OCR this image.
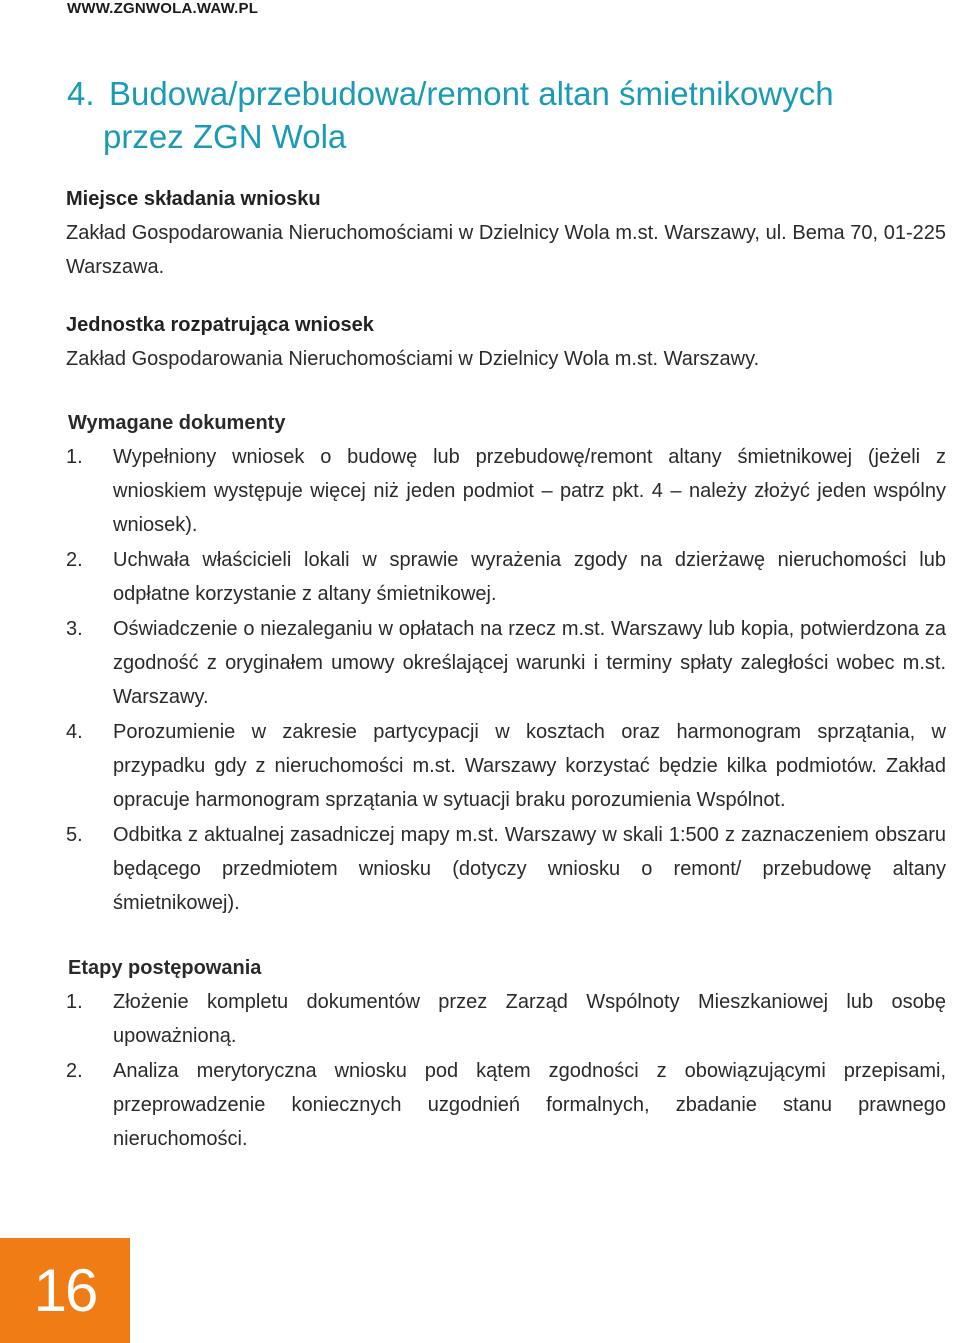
WWW.ZGNWOLA.WAW.PL
4. Budowa/przebudowa/remont altan śmietnikowych
przez ZGN Wola

Miejsce składania wniosku

Zakład Gospodarowania Nieruchomościami w Dzielnicy Wola m.st. Warszawy, ul. Bema 70, 01-225 Warszawa.

Jednostka rozpatrująca wniosek

Zakład Gospodarowania Nieruchomościami w Dzielnicy Wola m.st. Warszawy.

Wymagane dokumenty

1. Wypełniony wniosek o budowę lub przebudowę/remont altany śmietnikowej (jeżeli z wnioskiem występuje więcej niż jeden podmiot – patrz pkt. 4 – należy złożyć jeden wspólny wniosek).
2. Uchwała właścicieli lokali w sprawie wyrażenia zgody na dzierżawę nieruchomości lub odpłatne korzystanie z altany śmietnikowej.
3. Oświadczenie o niezaleganiu w opłatach na rzecz m.st. Warszawy lub kopia, potwierdzona za zgodność z oryginałem umowy określającej warunki i terminy spłaty zaległości wobec m.st. Warszawy.
4. Porozumienie w zakresie partycypacji w kosztach oraz harmonogram sprzątania, w przypadku gdy z nieruchomości m.st. Warszawy korzystać będzie kilka podmiotów. Zakład opracuje harmonogram sprzątania w sytuacji braku porozumienia Wspólnot.
5. Odbitka z aktualnej zasadniczej mapy m.st. Warszawy w skali 1:500 z zaznaczeniem obszaru będącego przedmiotem wniosku (dotyczy wniosku o remont/ przebudowę altany śmietnikowej).

Etapy postępowania

1. Złożenie kompletu dokumentów przez Zarząd Wspólnoty Mieszkaniowej lub osobę upoważnioną.
2. Analiza merytoryczna wniosku pod kątem zgodności z obowiązującymi przepisami, przeprowadzenie koniecznych uzgodnień formalnych, zbadanie stanu prawnego nieruchomości.
16
